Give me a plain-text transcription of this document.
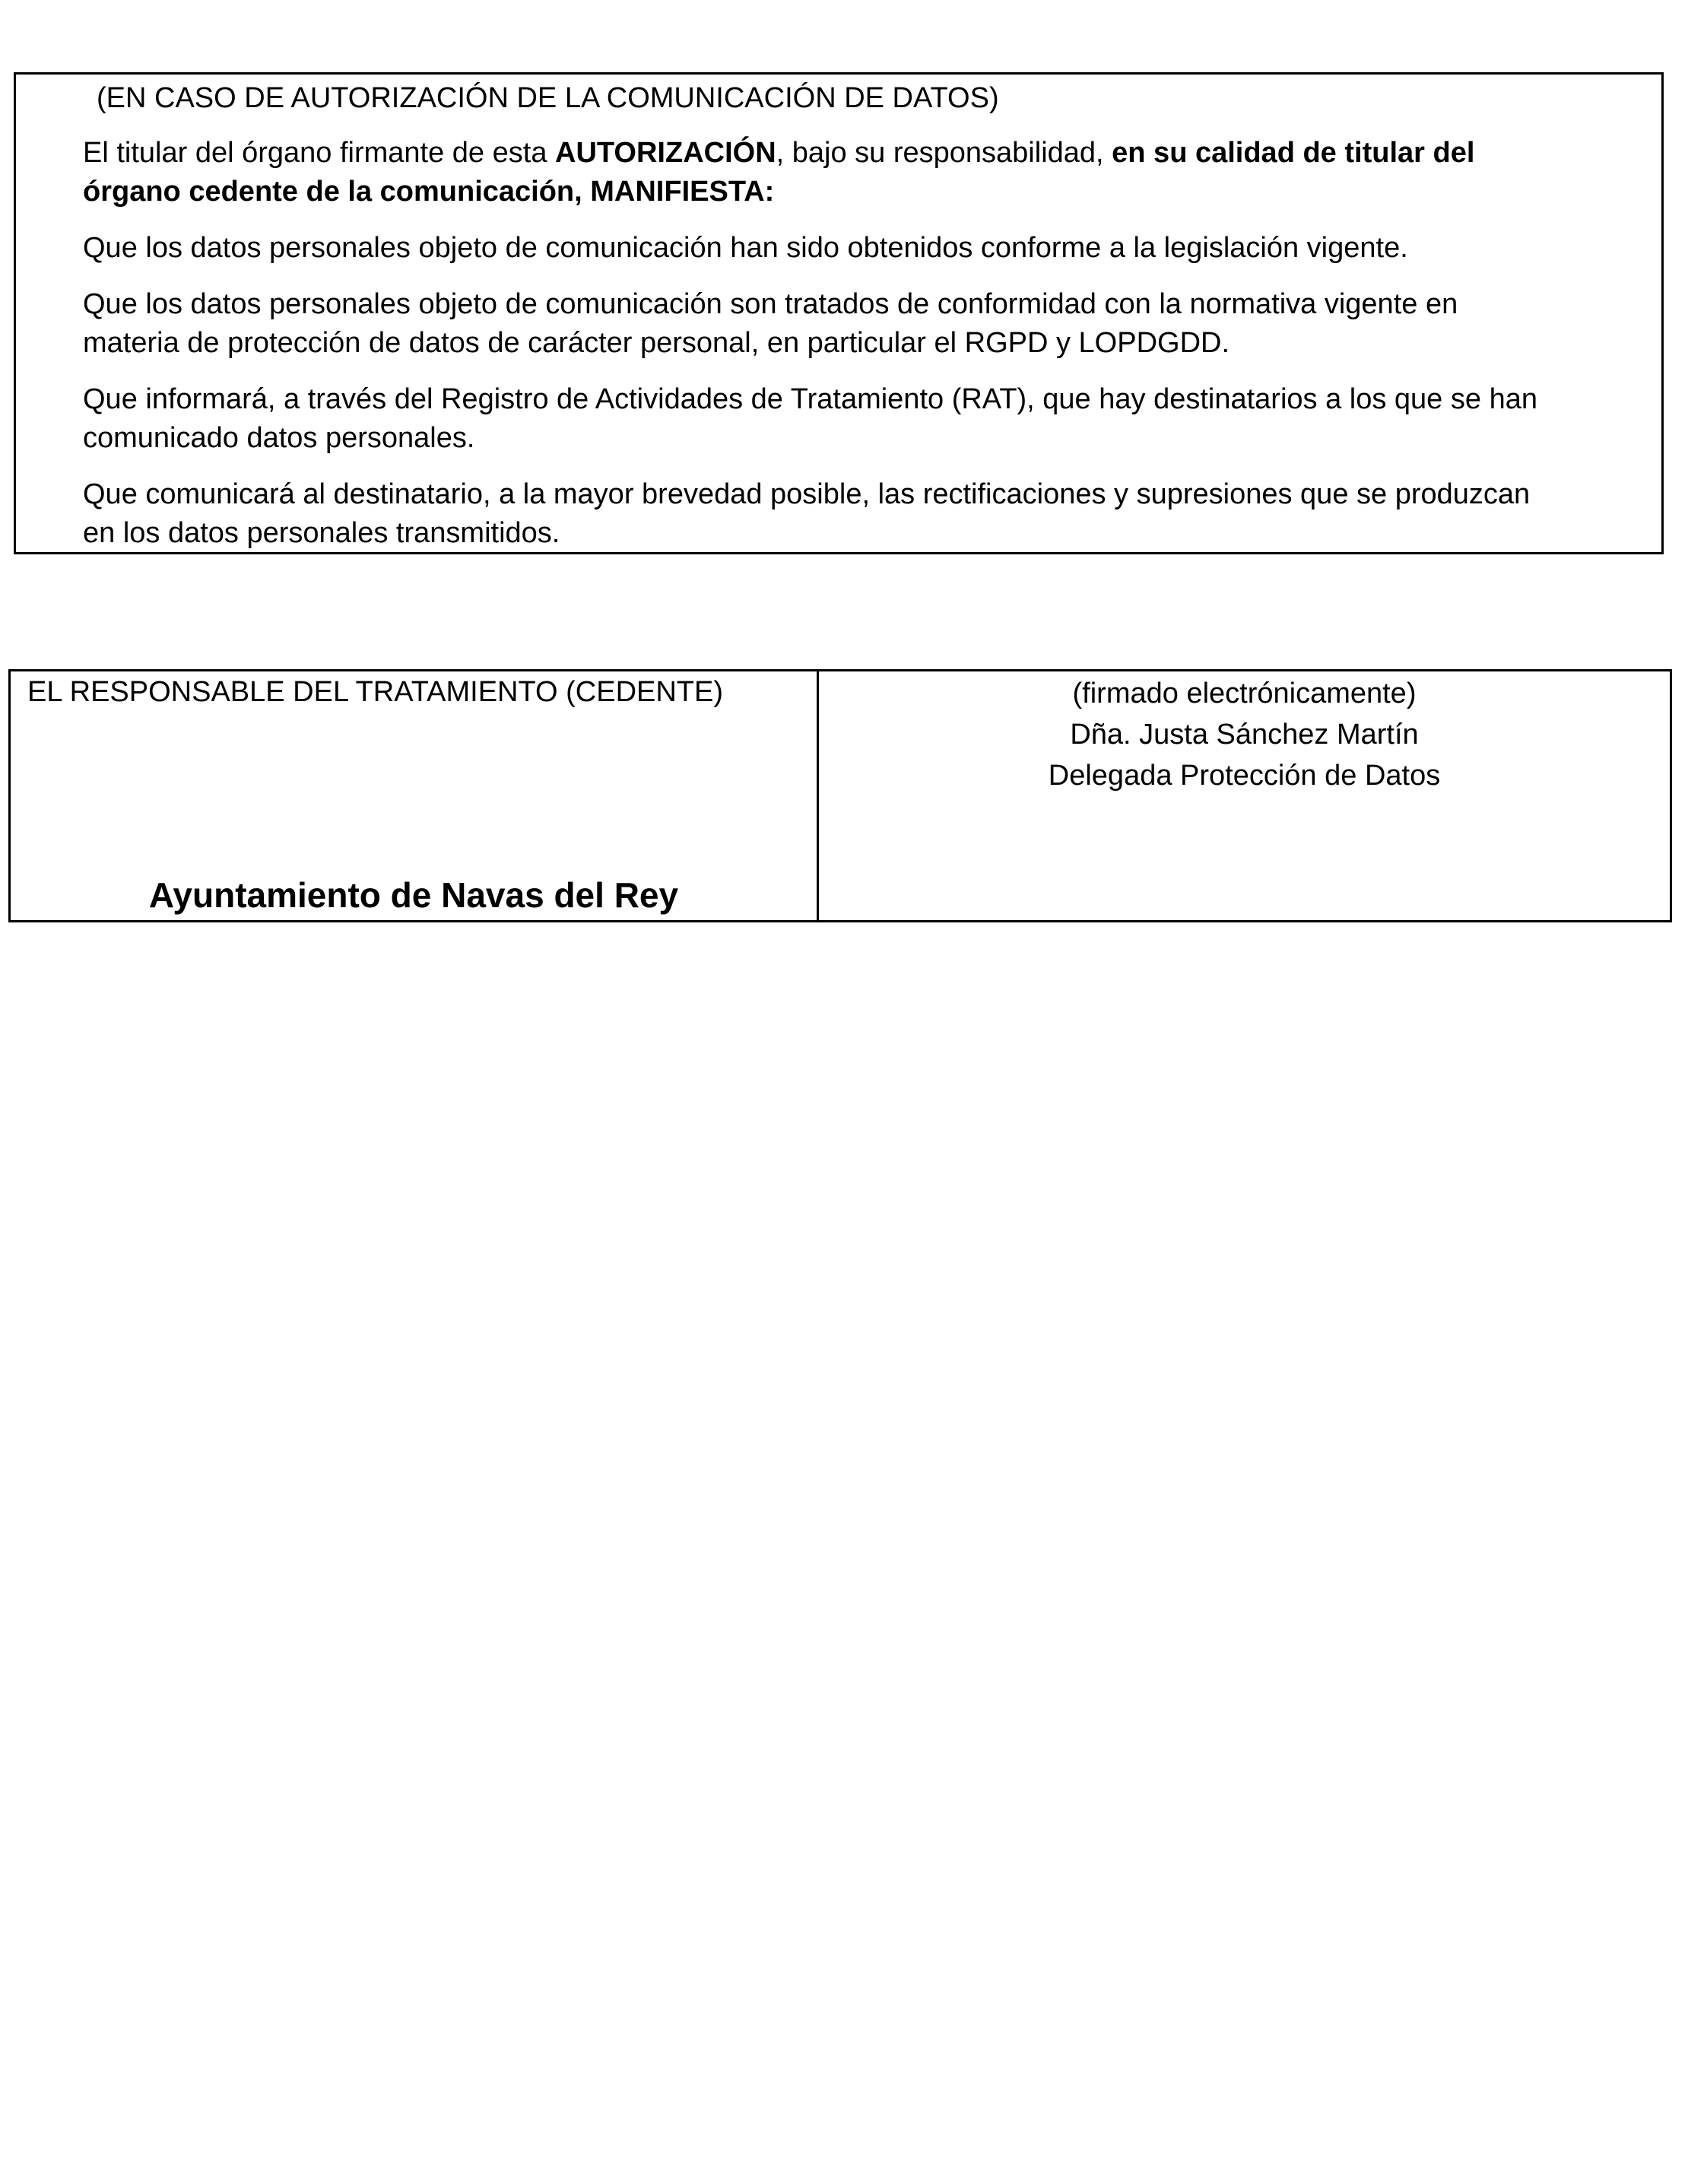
(EN CASO DE AUTORIZACIÓN DE LA COMUNICACIÓN DE DATOS)

El titular del órgano firmante de esta AUTORIZACIÓN, bajo su responsabilidad, en su calidad de titular del órgano cedente de la comunicación, MANIFIESTA:

Que los datos personales objeto de comunicación han sido obtenidos conforme a la legislación vigente.

Que los datos personales objeto de comunicación son tratados de conformidad con la normativa vigente en materia de protección de datos de carácter personal, en particular el RGPD y LOPDGDD.

Que informará, a través del Registro de Actividades de Tratamiento (RAT), que hay destinatarios a los que se han comunicado datos personales.

Que comunicará al destinatario, a la mayor brevedad posible, las rectificaciones y supresiones que se produzcan en los datos personales transmitidos.

EL RESPONSABLE DEL TRATAMIENTO (CEDENTE)
Ayuntamiento de Navas del Rey
(firmado electrónicamente)
Dña. Justa Sánchez Martín
Delegada Protección de Datos
